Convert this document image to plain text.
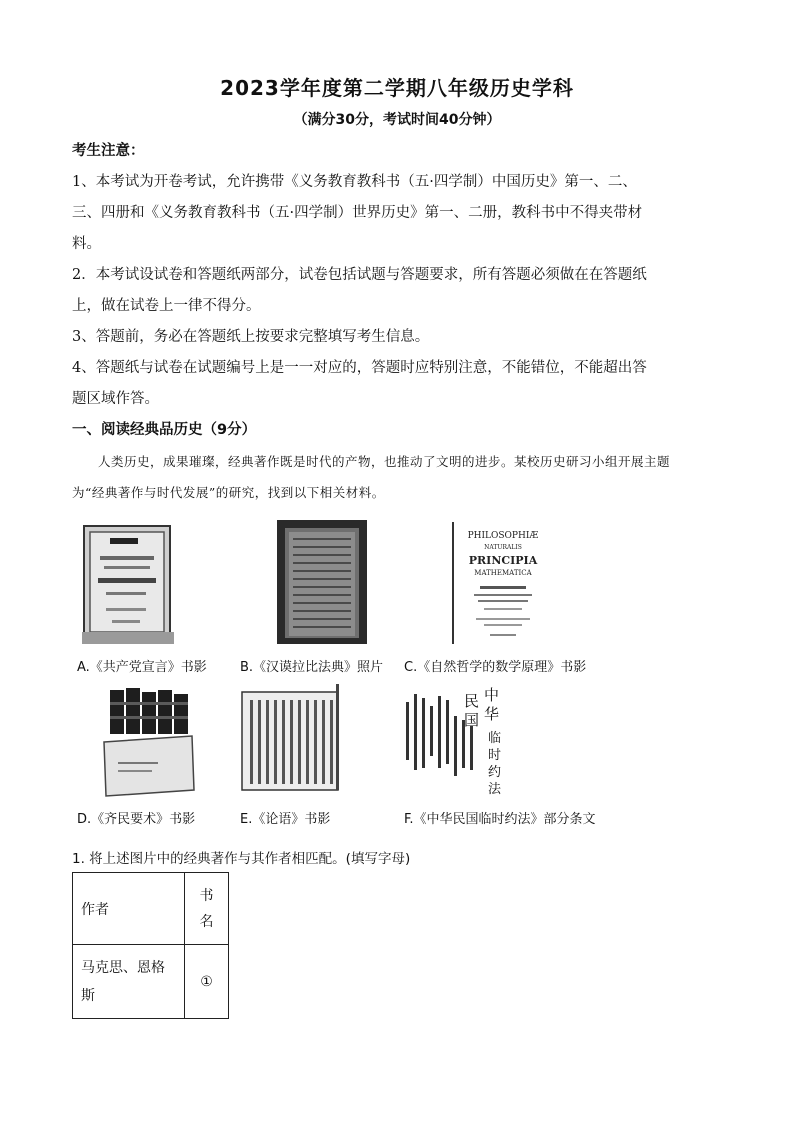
2023学年度第二学期八年级历史学科
（满分30分，考试时间40分钟）
考生注意：
1、本考试为开卷考试，允许携带《义务教育教科书（五·四学制）中国历史》第一、二、
三、四册和《义务教育教科书（五·四学制）世界历史》第一、二册，教科书中不得夹带材
料。
2．本考试设试卷和答题纸两部分，试卷包括试题与答题要求，所有答题必须做在在答题纸
上，做在试卷上一律不得分。
3、答题前，务必在答题纸上按要求完整填写考生信息。
4、答题纸与试卷在试题编号上是一一对应的，答题时应特别注意，不能错位，不能超出答
题区域作答。
一、阅读经典品历史（9分）
人类历史，成果璀璨，经典著作既是时代的产物，也推动了文明的进步。某校历史研习小组开展主题
为“经典著作与时代发展”的研究，找到以下相关材料。
A.《共产党宣言》书影	B.《汉谟拉比法典》照片
PHILOSOPHIÆ
NATURALIS
PRINCIPIA
MATHEMATICA
C.《自然哲学的数学原理》书影
D.《齐民要术》书影	E.《论语》书影
中
华
民
国
临
时
约
法
F.《中华民国临时约法》部分条文
1. 将上述图片中的经典著作与其作者相匹配。(填写字母)
作者	书
名

马克思、恩格
斯	①
